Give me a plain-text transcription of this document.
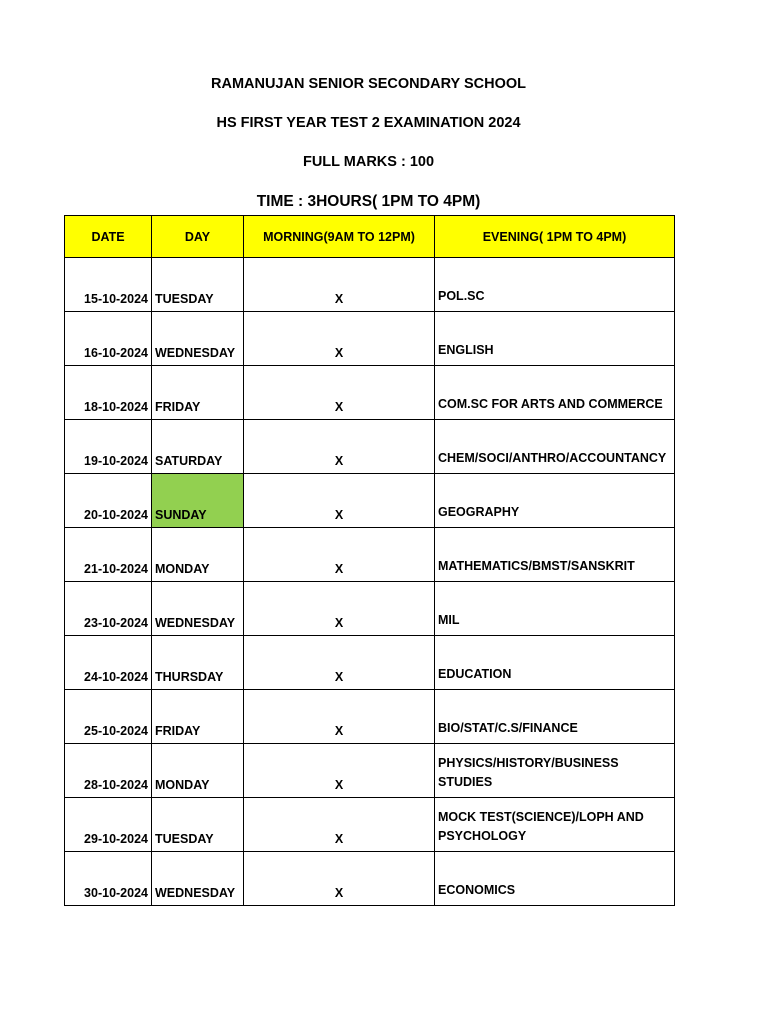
RAMANUJAN SENIOR SECONDARY SCHOOL
HS FIRST YEAR TEST 2 EXAMINATION 2024
FULL MARKS : 100
TIME : 3HOURS( 1PM TO 4PM)
DATE	DAY	MORNING(9AM TO 12PM)	EVENING( 1PM TO 4PM)
15-10-2024	TUESDAY	X	POL.SC
16-10-2024	WEDNESDAY	X	ENGLISH
18-10-2024	FRIDAY	X	COM.SC FOR ARTS AND COMMERCE
19-10-2024	SATURDAY	X	CHEM/SOCI/ANTHRO/ACCOUNTANCY
20-10-2024	SUNDAY	X	GEOGRAPHY
21-10-2024	MONDAY	X	MATHEMATICS/BMST/SANSKRIT
23-10-2024	WEDNESDAY	X	MIL
24-10-2024	THURSDAY	X	EDUCATION
25-10-2024	FRIDAY	X	BIO/STAT/C.S/FINANCE
28-10-2024	MONDAY	X	PHYSICS/HISTORY/BUSINESS STUDIES
29-10-2024	TUESDAY	X	MOCK TEST(SCIENCE)/LOPH AND PSYCHOLOGY
30-10-2024	WEDNESDAY	X	ECONOMICS
